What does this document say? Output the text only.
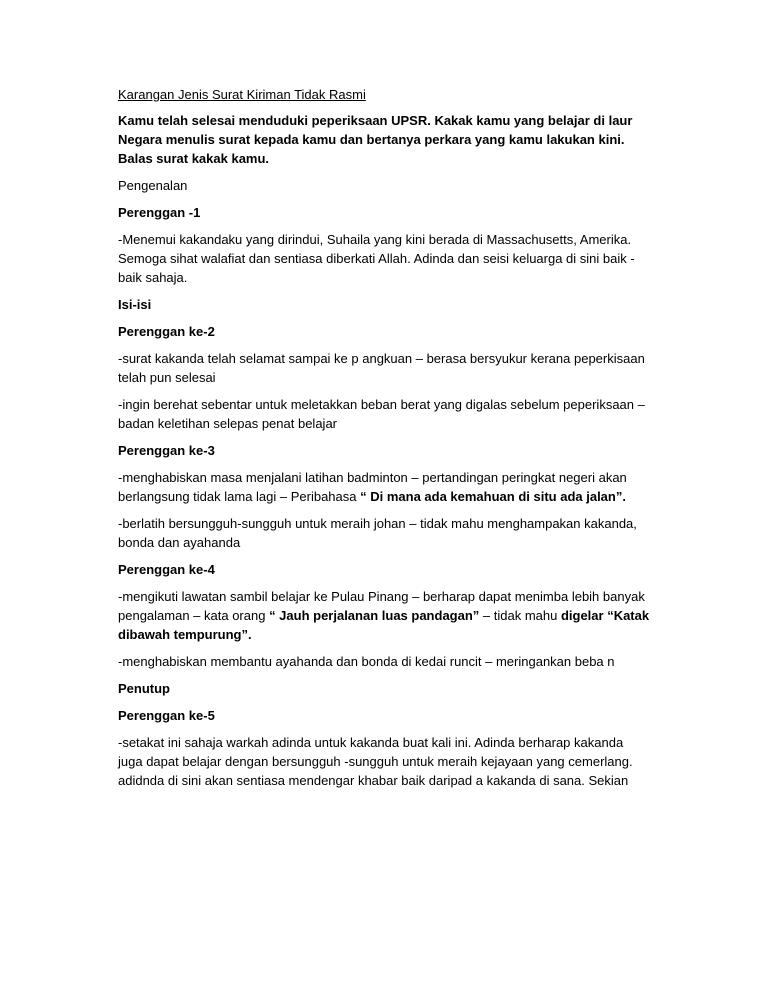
Karangan Jenis Surat Kiriman Tidak Rasmi

Kamu telah selesai menduduki peperiksaan UPSR. Kakak kamu yang belajar di laur

Negara menulis surat kepada kamu dan bertanya perkara yang kamu lakukan kini.

Balas surat kakak kamu.

Pengenalan

Perenggan -1

-Menemui kakandaku yang dirindui, Suhaila yang kini berada di Massachusetts, Amerika.

Semoga sihat walafiat dan sentiasa diberkati Allah. Adinda dan seisi keluarga di sini baik -

baik sahaja.

Isi-isi

Perenggan ke-2

-surat kakanda telah selamat sampai ke p angkuan – berasa bersyukur kerana peperkisaan

telah pun selesai

-ingin berehat sebentar untuk meletakkan beban berat yang digalas sebelum peperiksaan –

badan keletihan selepas penat belajar

Perenggan ke-3

-menghabiskan masa menjalani latihan badminton – pertandingan peringkat negeri akan

berlangsung tidak lama lagi – Peribahasa “ Di mana ada kemahuan di situ ada jalan”.

-berlatih bersungguh-sungguh untuk meraih johan – tidak mahu menghampakan kakanda,

bonda dan ayahanda

Perenggan ke-4

-mengikuti lawatan sambil belajar ke Pulau Pinang – berharap dapat menimba lebih banyak

pengalaman – kata orang “ Jauh perjalanan luas pandagan” – tidak mahu digelar “Katak

dibawah tempurung”.

-menghabiskan membantu ayahanda dan bonda di kedai runcit – meringankan beba n

Penutup

Perenggan ke-5

-setakat ini sahaja warkah adinda untuk kakanda buat kali ini. Adinda berharap kakanda

juga dapat belajar dengan bersungguh -sungguh untuk meraih kejayaan yang cemerlang.

adidnda di sini akan sentiasa mendengar khabar baik daripad a kakanda di sana. Sekian
